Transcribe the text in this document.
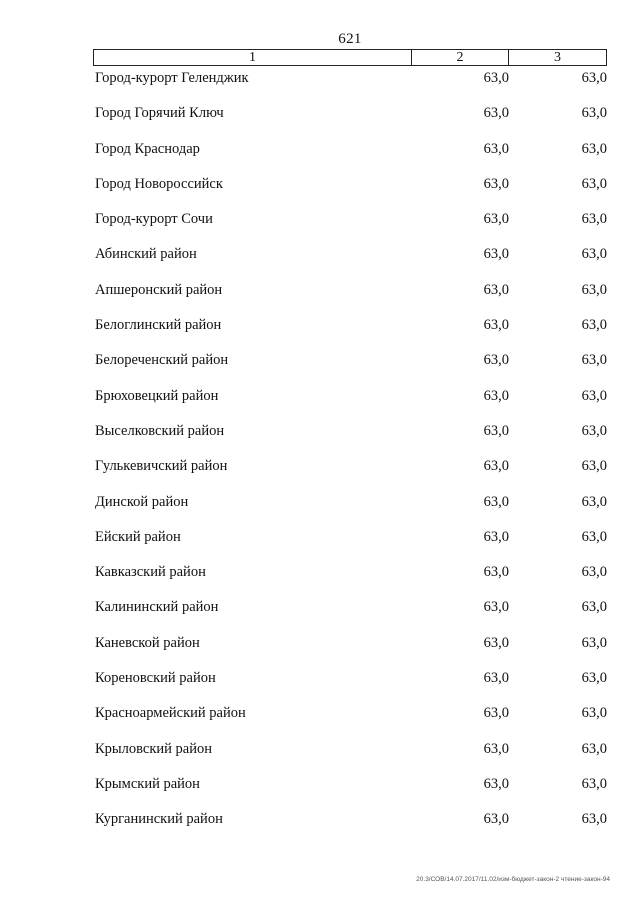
621
1	2	3
Город-курорт Геленджик	63,0	63,0
Город Горячий Ключ	63,0	63,0
Город Краснодар	63,0	63,0
Город Новороссийск	63,0	63,0
Город-курорт Сочи	63,0	63,0
Абинский район	63,0	63,0
Апшеронский район	63,0	63,0
Белоглинский район	63,0	63,0
Белореченский район	63,0	63,0
Брюховецкий район	63,0	63,0
Выселковский район	63,0	63,0
Гулькевичский район	63,0	63,0
Динской район	63,0	63,0
Ейский район	63,0	63,0
Кавказский район	63,0	63,0
Калининский район	63,0	63,0
Каневской район	63,0	63,0
Кореновский район	63,0	63,0
Красноармейский район	63,0	63,0
Крыловский район	63,0	63,0
Крымский район	63,0	63,0
Курганинский район	63,0	63,0
20.3/СОВ/14.07.2017/11.02/изм-бюджет-закон-2 чтение-закон-94
